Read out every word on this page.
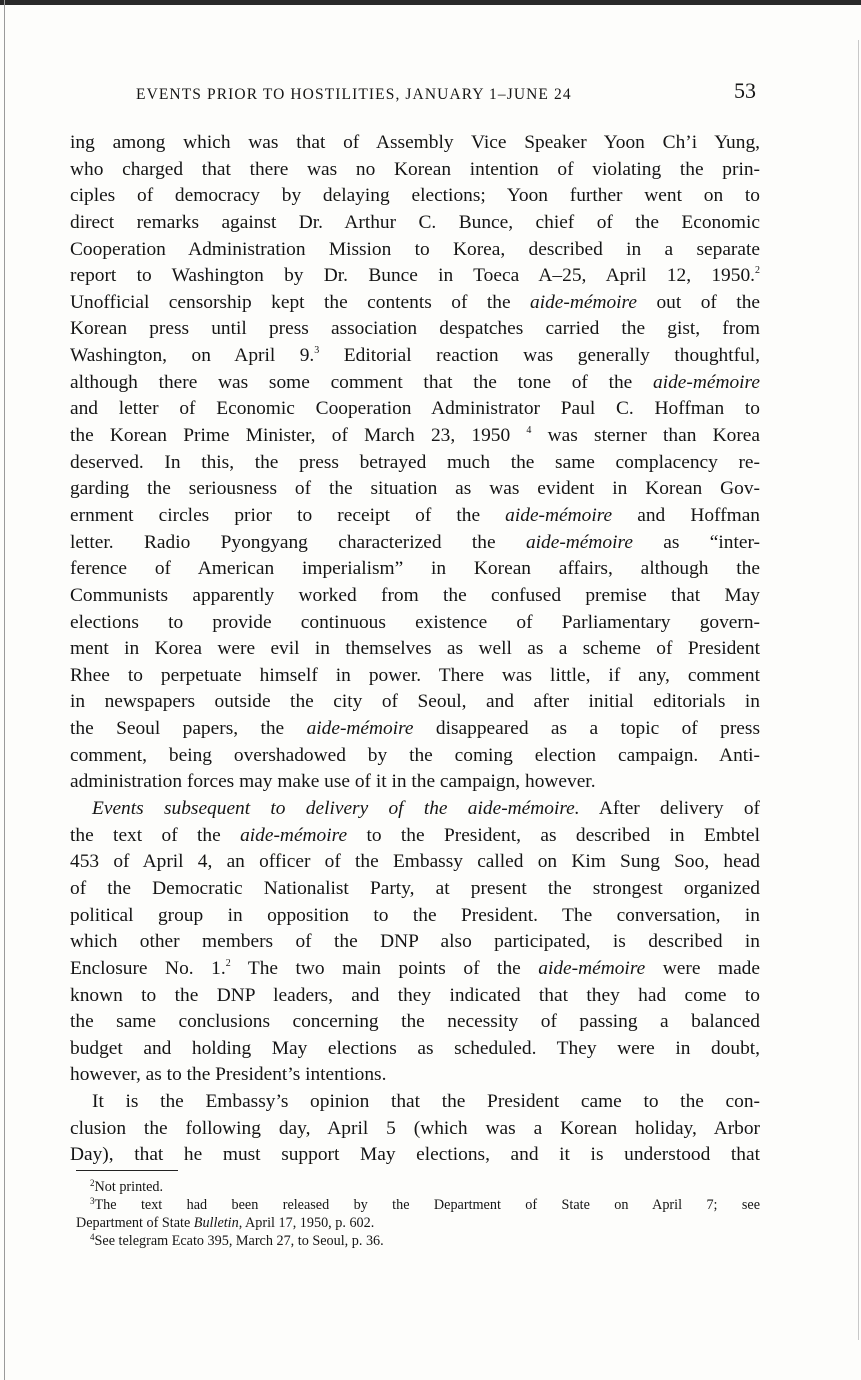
EVENTS PRIOR TO HOSTILITIES, JANUARY 1–JUNE 24	53
ing among which was that of Assembly Vice Speaker Yoon Ch’i Yung,
who charged that there was no Korean intention of violating the prin-
ciples of democracy by delaying elections; Yoon further went on to
direct remarks against Dr. Arthur C. Bunce, chief of the Economic
Cooperation Administration Mission to Korea, described in a separate
report to Washington by Dr. Bunce in Toeca A–25, April 12, 1950.$^2$
Unofficial censorship kept the contents of the aide-mémoire out of the
Korean press until press association despatches carried the gist, from
Washington, on April 9.$^3$ Editorial reaction was generally thoughtful,
although there was some comment that the tone of the aide-mémoire
and letter of Economic Cooperation Administrator Paul C. Hoffman to
the Korean Prime Minister, of March 23, 1950 $^4$ was sterner than Korea
deserved. In this, the press betrayed much the same complacency re-
garding the seriousness of the situation as was evident in Korean Gov-
ernment circles prior to receipt of the aide-mémoire and Hoffman
letter. Radio Pyongyang characterized the aide-mémoire as “inter-
ference of American imperialism” in Korean affairs, although the
Communists apparently worked from the confused premise that May
elections to provide continuous existence of Parliamentary govern-
ment in Korea were evil in themselves as well as a scheme of President
Rhee to perpetuate himself in power. There was little, if any, comment
in newspapers outside the city of Seoul, and after initial editorials in
the Seoul papers, the aide-mémoire disappeared as a topic of press
comment, being overshadowed by the coming election campaign. Anti-
administration forces may make use of it in the campaign, however.
Events subsequent to delivery of the aide-mémoire. After delivery of
the text of the aide-mémoire to the President, as described in Embtel
453 of April 4, an officer of the Embassy called on Kim Sung Soo, head
of the Democratic Nationalist Party, at present the strongest organized
political group in opposition to the President. The conversation, in
which other members of the DNP also participated, is described in
Enclosure No. 1.$^2$ The two main points of the aide-mémoire were made
known to the DNP leaders, and they indicated that they had come to
the same conclusions concerning the necessity of passing a balanced
budget and holding May elections as scheduled. They were in doubt,
however, as to the President’s intentions.
It is the Embassy’s opinion that the President came to the con-
clusion the following day, April 5 (which was a Korean holiday, Arbor
Day), that he must support May elections, and it is understood that
$^2$Not printed.
$^3$The text had been released by the Department of State on April 7; see
Department of State Bulletin, April 17, 1950, p. 602.
$^4$See telegram Ecato 395, March 27, to Seoul, p. 36.
